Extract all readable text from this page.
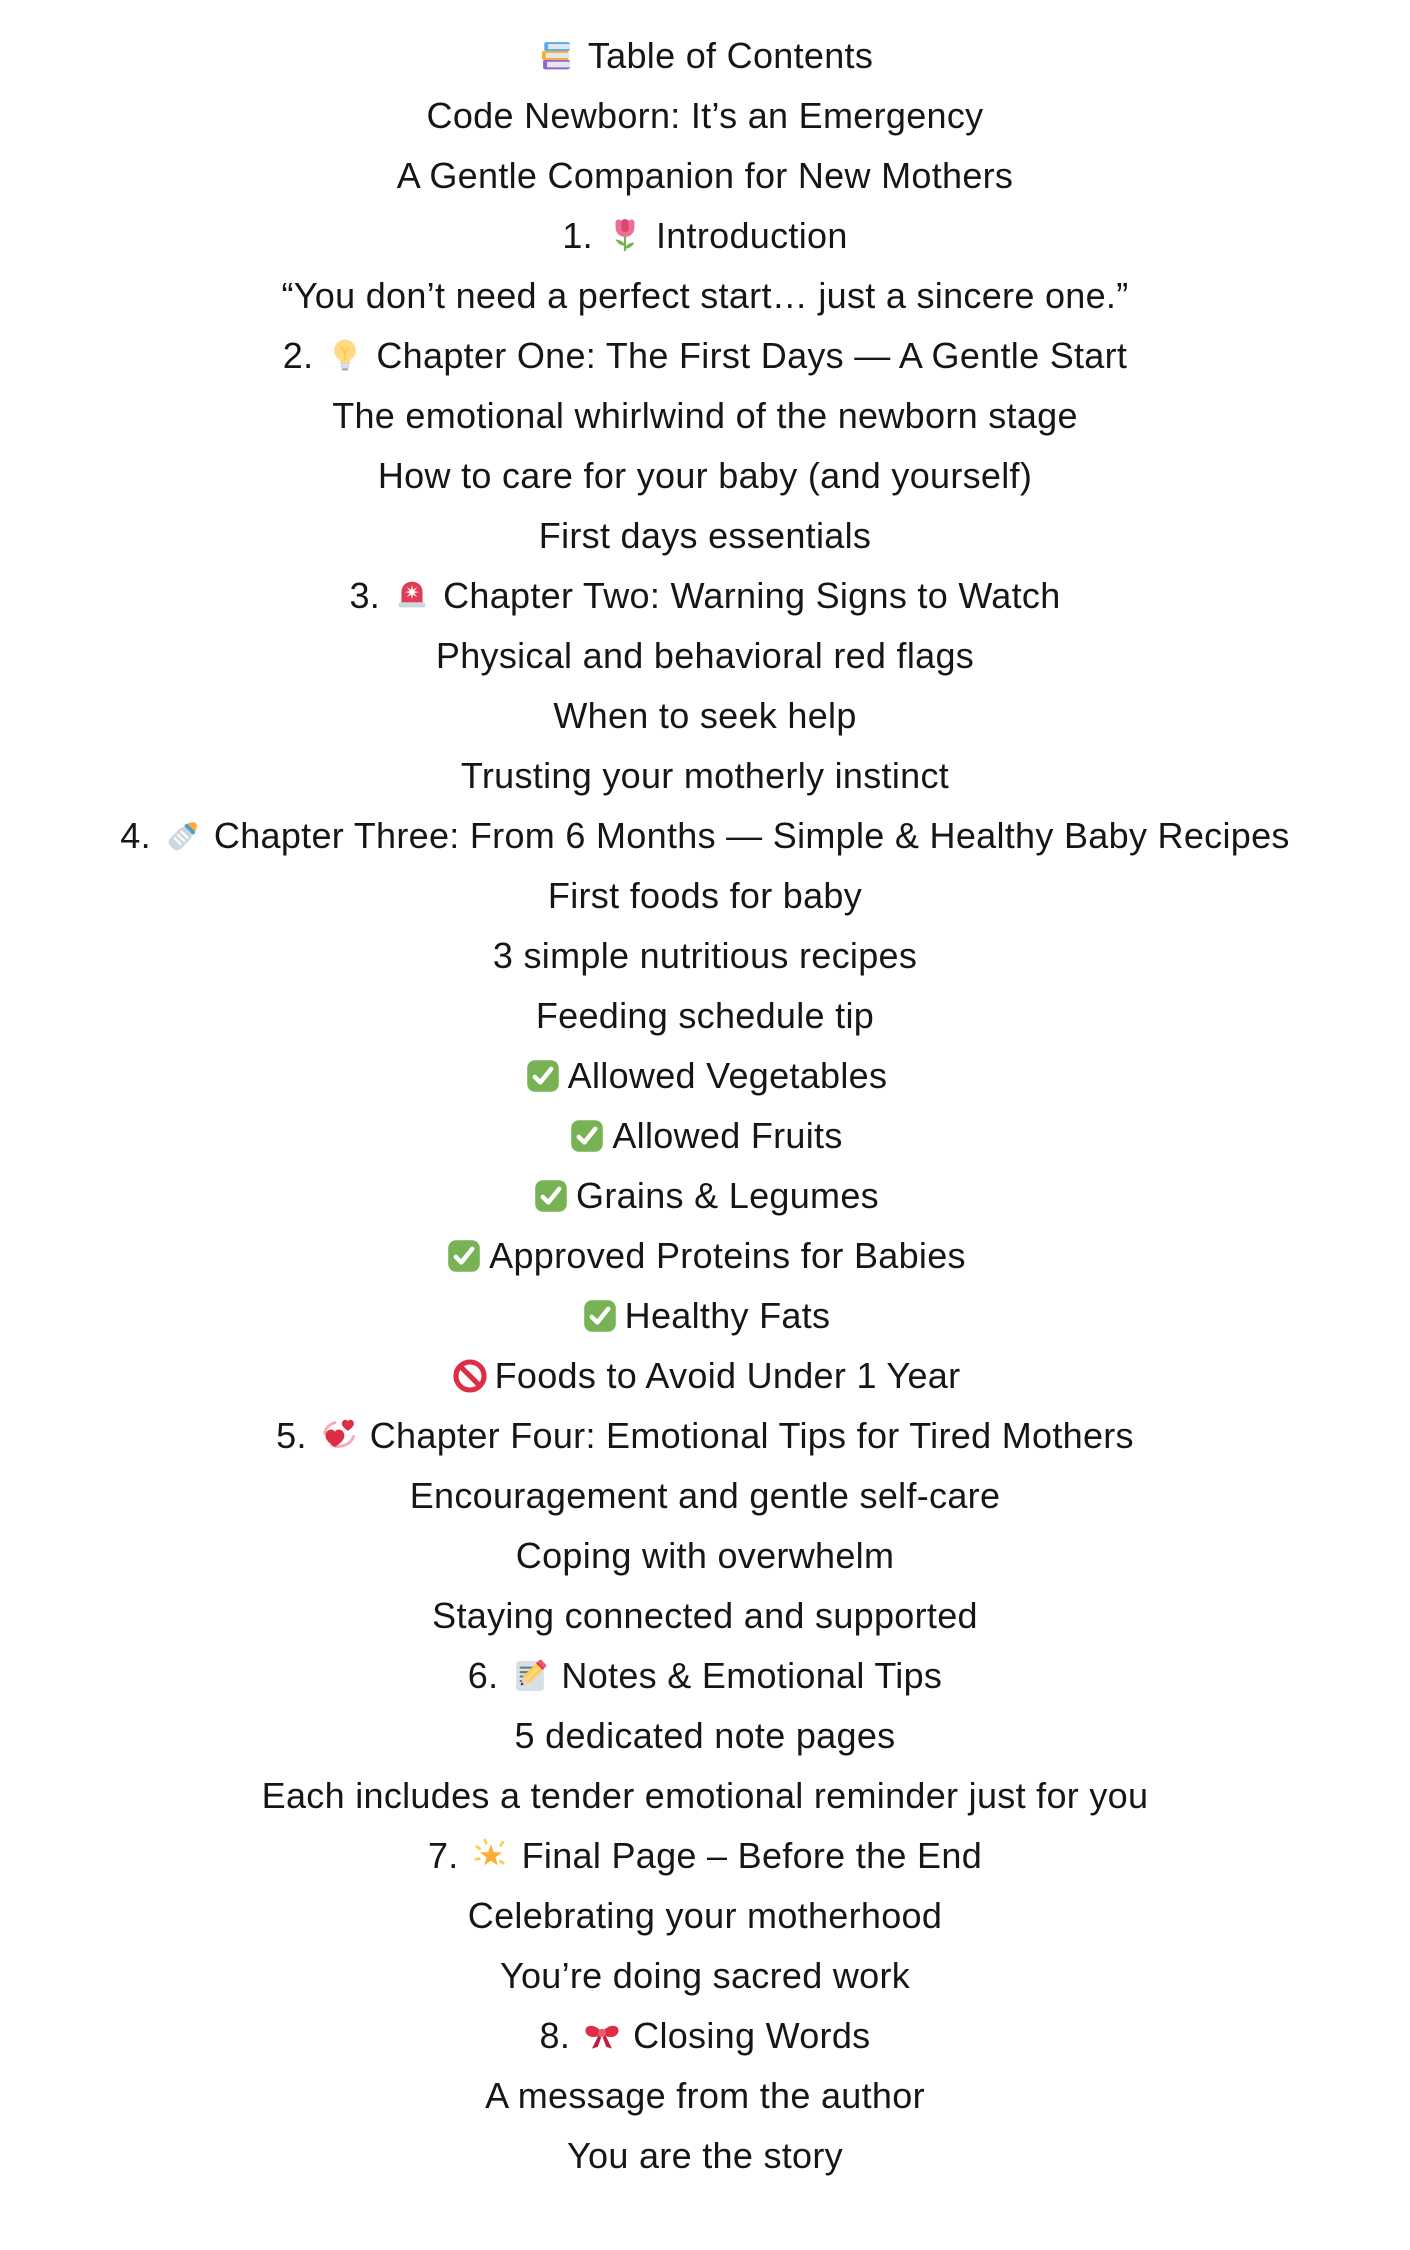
Table of Contents
Code Newborn: It’s an Emergency
A Gentle Companion for New Mothers
1. Introduction
“You don’t need a perfect start… just a sincere one.”
2. Chapter One: The First Days — A Gentle Start
The emotional whirlwind of the newborn stage
How to care for your baby (and yourself)
First days essentials
3. Chapter Two: Warning Signs to Watch
Physical and behavioral red flags
When to seek help
Trusting your motherly instinct
4. Chapter Three: From 6 Months — Simple & Healthy Baby Recipes
First foods for baby
3 simple nutritious recipes
Feeding schedule tip
Allowed Vegetables
Allowed Fruits
Grains & Legumes
Approved Proteins for Babies
Healthy Fats
Foods to Avoid Under 1 Year
5. Chapter Four: Emotional Tips for Tired Mothers
Encouragement and gentle self-care
Coping with overwhelm
Staying connected and supported
6. Notes & Emotional Tips
5 dedicated note pages
Each includes a tender emotional reminder just for you
7. Final Page – Before the End
Celebrating your motherhood
You’re doing sacred work
8. Closing Words
A message from the author
You are the story
